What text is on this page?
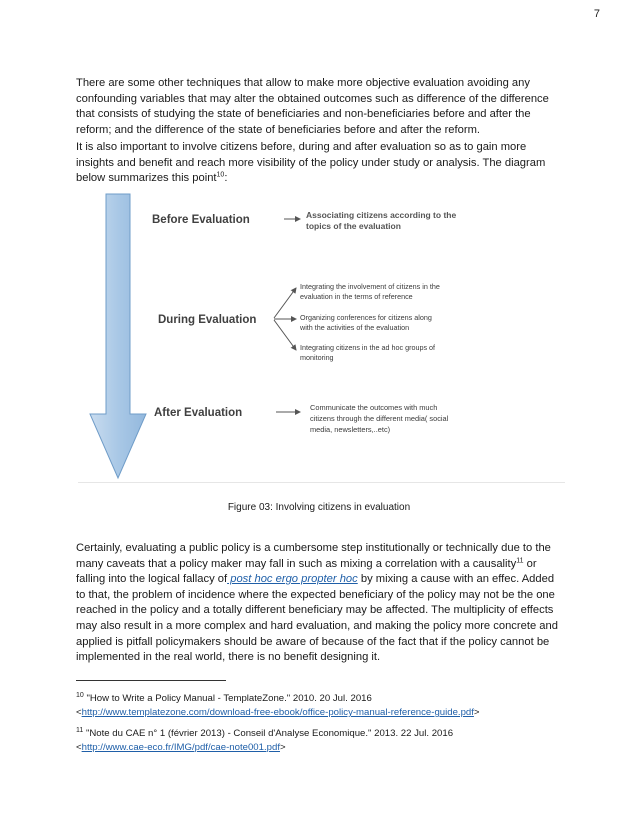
7

There are some other techniques that allow to make more objective evaluation avoiding any confounding variables that may alter the obtained outcomes such as difference of the difference that consists of studying the state of beneficiaries and non-beneficiaries before and after the reform; and the difference of the state of beneficiaries before and after the reform.

It is also important to involve citizens before, during and after evaluation so as to gain more insights and benefit and reach more visibility of the policy under study or analysis. The diagram below summarizes this point$^{10}$:

Before Evaluation
During Evaluation
After Evaluation
Associating citizens according to the
topics of the evaluation
Integrating the involvement of citizens in the
evaluation in the terms of reference
Organizing conferences for citizens along
with the activities of the evaluation
Integrating citizens in the ad hoc groups of
monitoring
Communicate the outcomes with much
citizens through the different media( social
media, newsletters,..etc)
Figure 03: Involving citizens in evaluation

Certainly, evaluating a public policy is a cumbersome step institutionally or technically due to the many caveats that a policy maker may fall in such as mixing a correlation with a causality$^{11}$ or falling into the logical fallacy of post hoc ergo propter hoc by mixing a cause with an effec. Added to that, the problem of incidence where the expected beneficiary of the policy may not be the one reached in the policy and a totally different beneficiary may be affected. The multiplicity of effects may also result in a more complex and hard evaluation, and making the policy more concrete and applied is pitfall policymakers should be aware of because of the fact that if the policy cannot be implemented in the real world, there is no benefit designing it.

$^{10}$ "How to Write a Policy Manual - TemplateZone." 2010. 20 Jul. 2016
<http://www.templatezone.com/download-free-ebook/office-policy-manual-reference-guide.pdf>

$^{11}$ "Note du CAE n° 1 (février 2013) - Conseil d'Analyse Economique." 2013. 22 Jul. 2016
<http://www.cae-eco.fr/IMG/pdf/cae-note001.pdf>
